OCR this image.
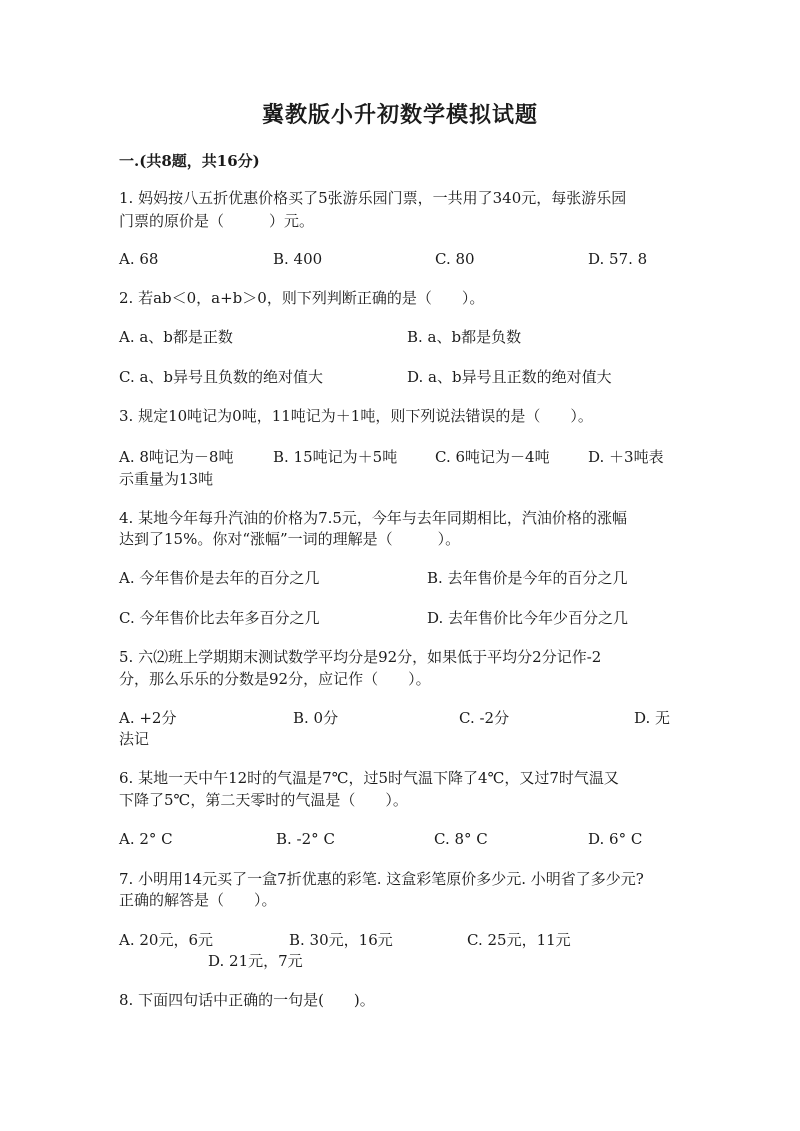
冀教版小升初数学模拟试题
一.(共8题，共16分)
1. 妈妈按八五折优惠价格买了5张游乐园门票，一共用了340元，每张游乐园
门票的原价是（　　　）元。
A. 68	B. 400	C. 80	D. 57. 8
2. 若ab＜0，a+b＞0，则下列判断正确的是（　　）。
A. a、b都是正数	B. a、b都是负数
C. a、b异号且负数的绝对值大	D. a、b异号且正数的绝对值大
3. 规定10吨记为0吨，11吨记为＋1吨，则下列说法错误的是（　　）。
A. 8吨记为－8吨	B. 15吨记为＋5吨	C. 6吨记为－4吨	D. ＋3吨表
示重量为13吨
4. 某地今年每升汽油的价格为7.5元，今年与去年同期相比，汽油价格的涨幅
达到了15%。你对“涨幅”一词的理解是（　　　）。
A. 今年售价是去年的百分之几	B. 去年售价是今年的百分之几
C. 今年售价比去年多百分之几	D. 去年售价比今年少百分之几
5. 六⑵班上学期期末测试数学平均分是92分，如果低于平均分2分记作-2
分，那么乐乐的分数是92分，应记作（　　）。
A. +2分	B. 0分	C. -2分	D. 无
法记
6. 某地一天中午12时的气温是7℃，过5时气温下降了4℃，又过7时气温又
下降了5℃，第二天零时的气温是（　　）。
A. 2° C	B. -2° C	C. 8° C	D. 6° C
7. 小明用14元买了一盒7折优惠的彩笔. 这盒彩笔原价多少元. 小明省了多少元?
正确的解答是（　　）。
A. 20元，6元	B. 30元，16元	C. 25元，11元
D. 21元，7元
8. 下面四句话中正确的一句是(　　)。
